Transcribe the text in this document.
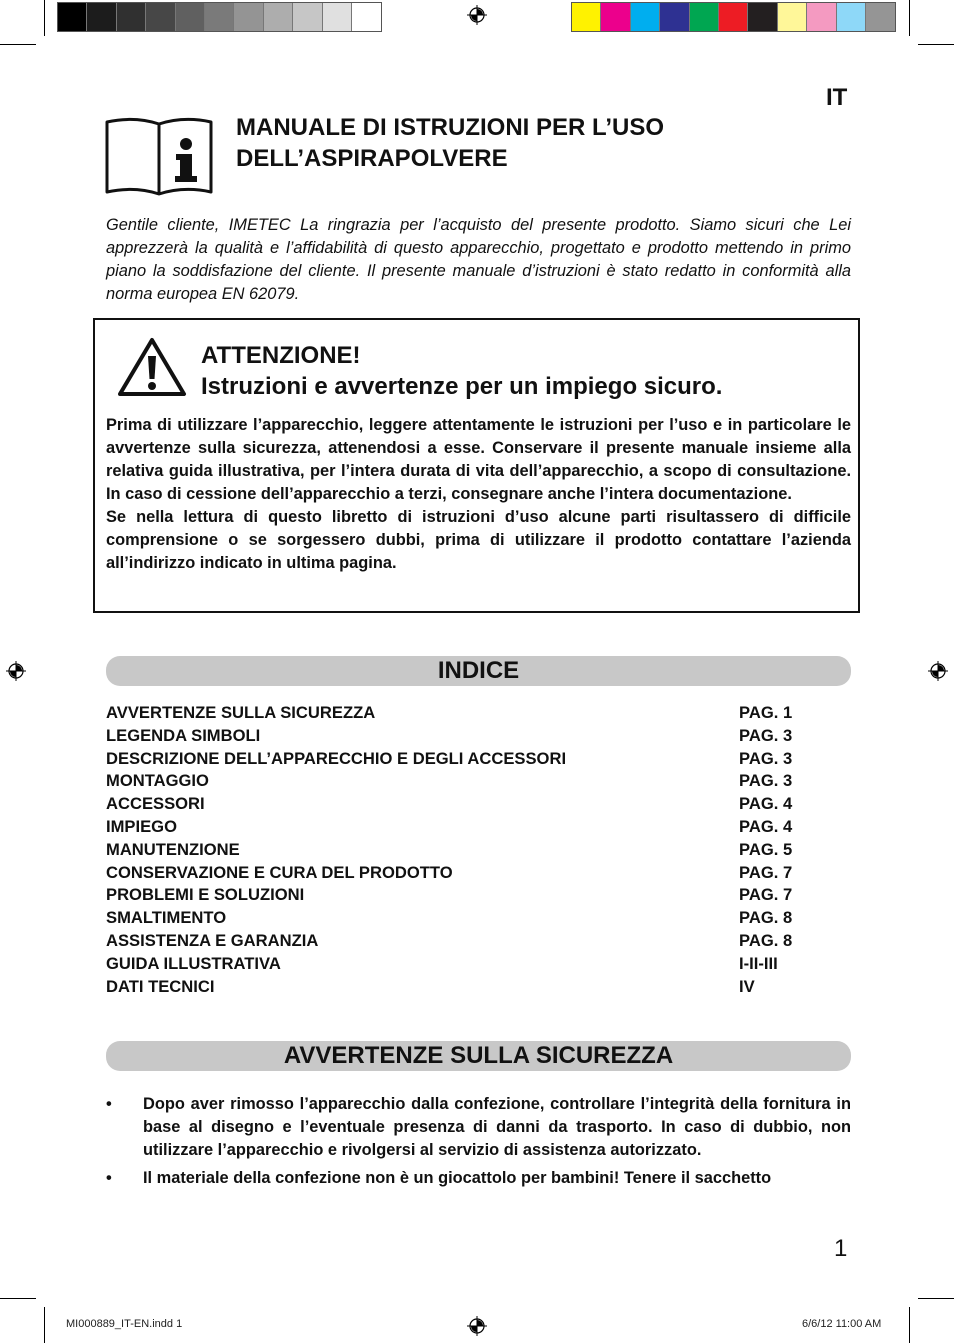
IT
MANUALE DI ISTRUZIONI PER L’USO
DELL’ASPIRAPOLVERE
Gentile cliente, IMETEC La ringrazia per l’acquisto del presente prodotto. Siamo sicuri che Lei apprezzerà la qualità e l’affidabilità di questo apparecchio, progettato e prodotto mettendo in primo piano la soddisfazione del cliente. Il presente manuale d’istruzioni è stato redatto in conformità alla norma europea EN 62079.
ATTENZIONE!
Istruzioni e avvertenze per un impiego sicuro.

Prima di utilizzare l’apparecchio, leggere attentamente le istruzioni per l’uso e in particolare le avvertenze sulla sicurezza, attenendosi a esse. Conservare il presente manuale insieme alla relativa guida illustrativa, per l’intera durata di vita dell’apparecchio, a scopo di consultazione. In caso di cessione dell’apparecchio a terzi, consegnare anche l’intera documentazione.

Se nella lettura di questo libretto di istruzioni d’uso alcune parti risultassero di difficile comprensione o se sorgessero dubbi, prima di utilizzare il prodotto contattare l’azienda all’indirizzo indicato in ultima pagina.

INDICE
AVVERTENZE SULLA SICUREZZA	PAG. 1
LEGENDA SIMBOLI	PAG. 3
DESCRIZIONE DELL’APPARECCHIO E DEGLI ACCESSORI	PAG. 3
MONTAGGIO	PAG. 3
ACCESSORI	PAG. 4
IMPIEGO	PAG. 4
MANUTENZIONE	PAG. 5
CONSERVAZIONE E CURA DEL PRODOTTO	PAG. 7
PROBLEMI E SOLUZIONI	PAG. 7
SMALTIMENTO	PAG. 8
ASSISTENZA E GARANZIA	PAG. 8
GUIDA ILLUSTRATIVA	I-II-III
DATI TECNICI	IV
AVVERTENZE SULLA SICUREZZA
•	Dopo aver rimosso l’apparecchio dalla confezione, controllare l’integrità della fornitura in base al disegno e l’eventuale presenza di danni da trasporto. In caso di dubbio, non utilizzare l’apparecchio e rivolgersi al servizio di assistenza autorizzato.
•	Il materiale della confezione non è un giocattolo per bambini! Tenere il sacchetto
1
MI000889_IT-EN.indd 1	6/6/12 11:00 AM
